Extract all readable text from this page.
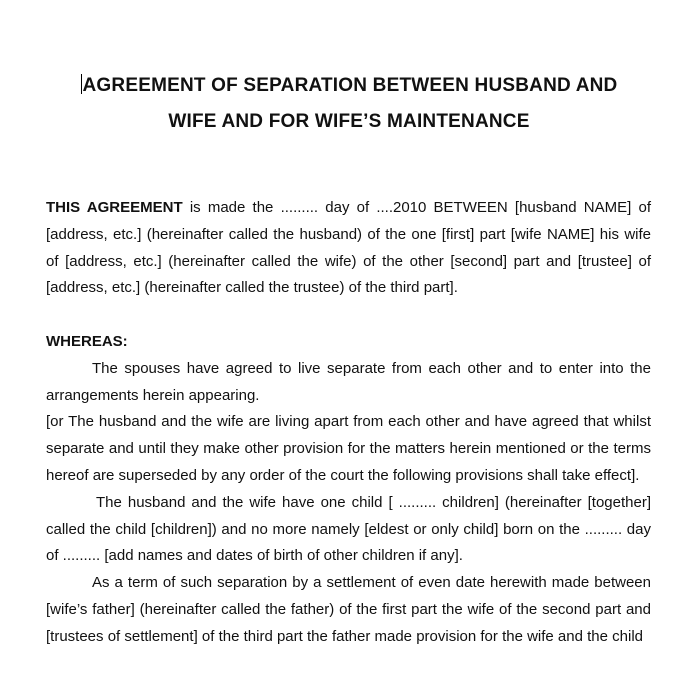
AGREEMENT OF SEPARATION BETWEEN HUSBAND AND
WIFE AND FOR WIFE’S MAINTENANCE

THIS AGREEMENT is made the ......... day of ....2010 BETWEEN [husband NAME] of [address, etc.] (hereinafter called the husband) of the one [first] part [wife NAME] his wife of [address, etc.] (hereinafter called the wife) of the other [second] part and [trustee] of [address, etc.] (hereinafter called the trustee) of the third part].

WHEREAS:

The spouses have agreed to live separate from each other and to enter into the arrangements herein appearing.

[or The husband and the wife are living apart from each other and have agreed that whilst separate and until they make other provision for the matters herein mentioned or the terms hereof are superseded by any order of the court the following provisions shall take effect].

The husband and the wife have one child [ ......... children] (hereinafter [together] called the child [children]) and no more namely [eldest or only child] born on the ......... day of ......... [add names and dates of birth of other children if any].

As a term of such separation by a settlement of even date herewith made between [wife’s father] (hereinafter called the father) of the first part the wife of the second part and [trustees of settlement] of the third part the father made provision for the wife and the child
